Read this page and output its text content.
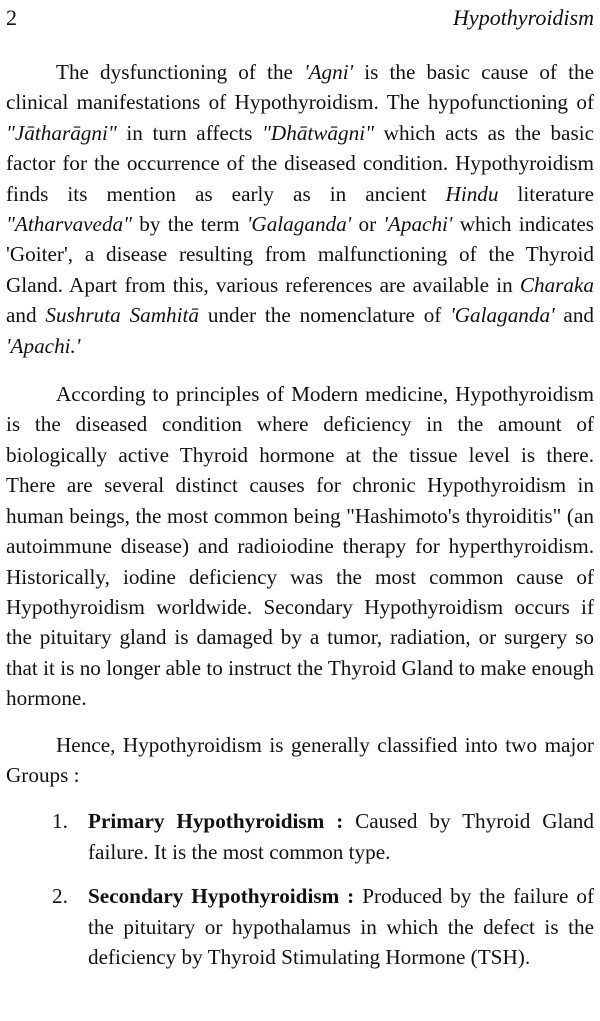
2	Hypothyroidism

The dysfunctioning of the 'Agni' is the basic cause of the clinical manifestations of Hypothyroidism. The hypofunctioning of "Jātharāgni" in turn affects "Dhātwāgni" which acts as the basic factor for the occurrence of the diseased condition. Hypothyroidism finds its mention as early as in ancient Hindu literature "Atharvaveda" by the term 'Galaganda' or 'Apachi' which indicates 'Goiter', a disease resulting from malfunctioning of the Thyroid Gland. Apart from this, various references are available in Charaka and Sushruta Samhitā under the nomenclature of 'Galaganda' and 'Apachi.'

According to principles of Modern medicine, Hypothyroidism is the diseased condition where deficiency in the amount of biologically active Thyroid hormone at the tissue level is there. There are several distinct causes for chronic Hypothyroidism in human beings, the most common being "Hashimoto's thyroiditis" (an autoimmune disease) and radioiodine therapy for hyperthyroidism. Historically, iodine deficiency was the most common cause of Hypothyroidism worldwide. Secondary Hypothyroidism occurs if the pituitary gland is damaged by a tumor, radiation, or surgery so that it is no longer able to instruct the Thyroid Gland to make enough hormone.

Hence, Hypothyroidism is generally classified into two major Groups :

1. Primary Hypothyroidism : Caused by Thyroid Gland failure. It is the most common type.
2. Secondary Hypothyroidism : Produced by the failure of the pituitary or hypothalamus in which the defect is the deficiency by Thyroid Stimulating Hormone (TSH).
